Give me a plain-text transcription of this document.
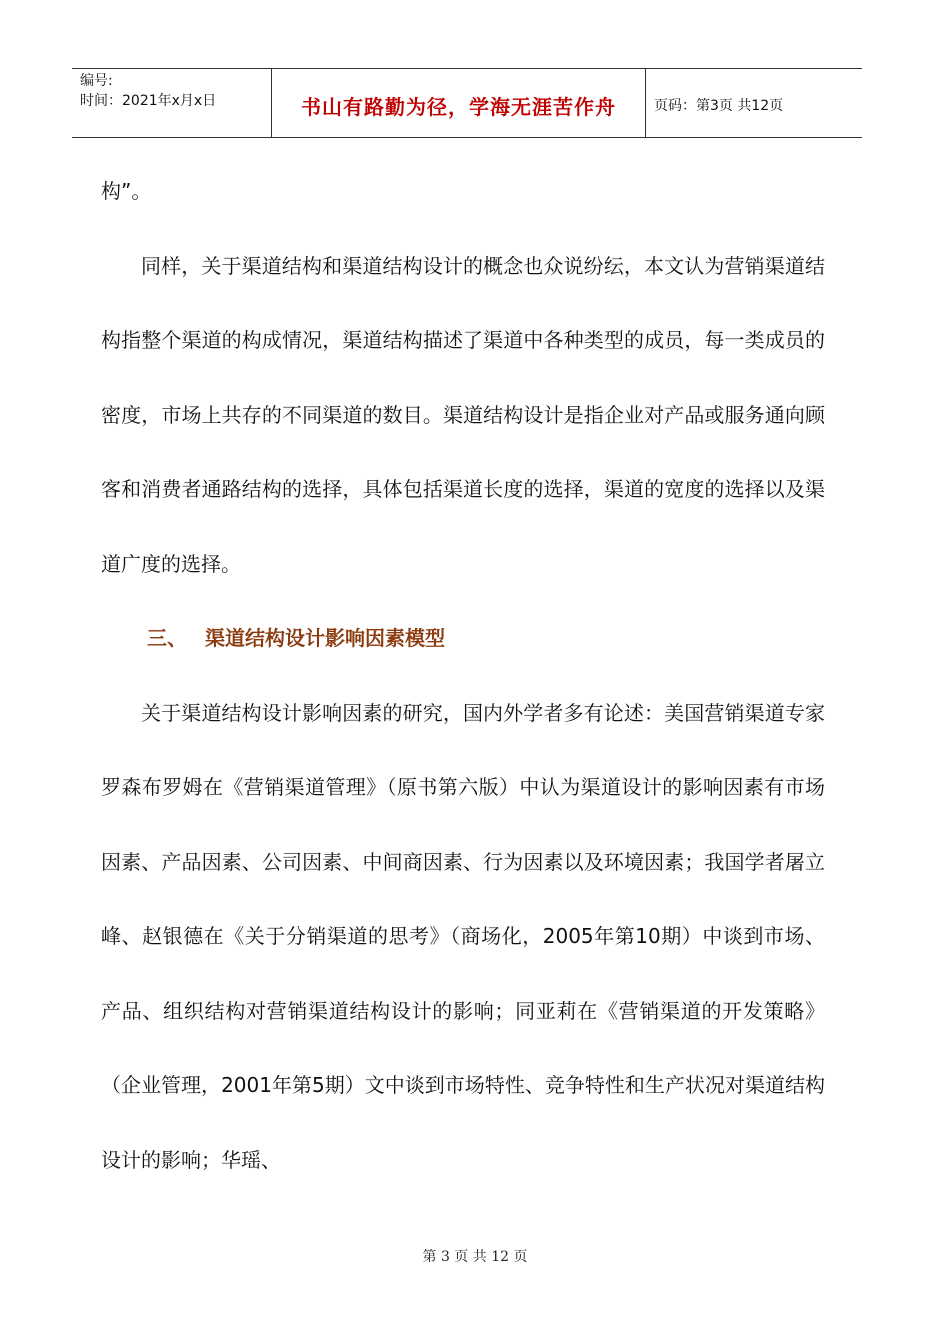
编号:
时间：2021年x月x日	书山有路勤为径，学海无涯苦作舟	页码：第3页 共12页

构”。

同样，关于渠道结构和渠道结构设计的概念也众说纷纭，本文认为营销渠道结构指整个渠道的构成情况，渠道结构描述了渠道中各种类型的成员，每一类成员的密度，市场上共存的不同渠道的数目。渠道结构设计是指企业对产品或服务通向顾客和消费者通路结构的选择，具体包括渠道长度的选择，渠道的宽度的选择以及渠道广度的选择。

三、 渠道结构设计影响因素模型

关于渠道结构设计影响因素的研究，国内外学者多有论述：美国营销渠道专家罗森布罗姆在《营销渠道管理》（原书第六版）中认为渠道设计的影响因素有市场因素、产品因素、公司因素、中间商因素、行为因素以及环境因素；我国学者屠立峰、赵银德在《关于分销渠道的思考》（商场化，2005年第10期）中谈到市场、产品、组织结构对营销渠道结构设计的影响；同亚莉在《营销渠道的开发策略》（企业管理，2001年第5期）文中谈到市场特性、竞争特性和生产状况对渠道结构设计的影响；华瑶、

第 3 页 共 12 页
